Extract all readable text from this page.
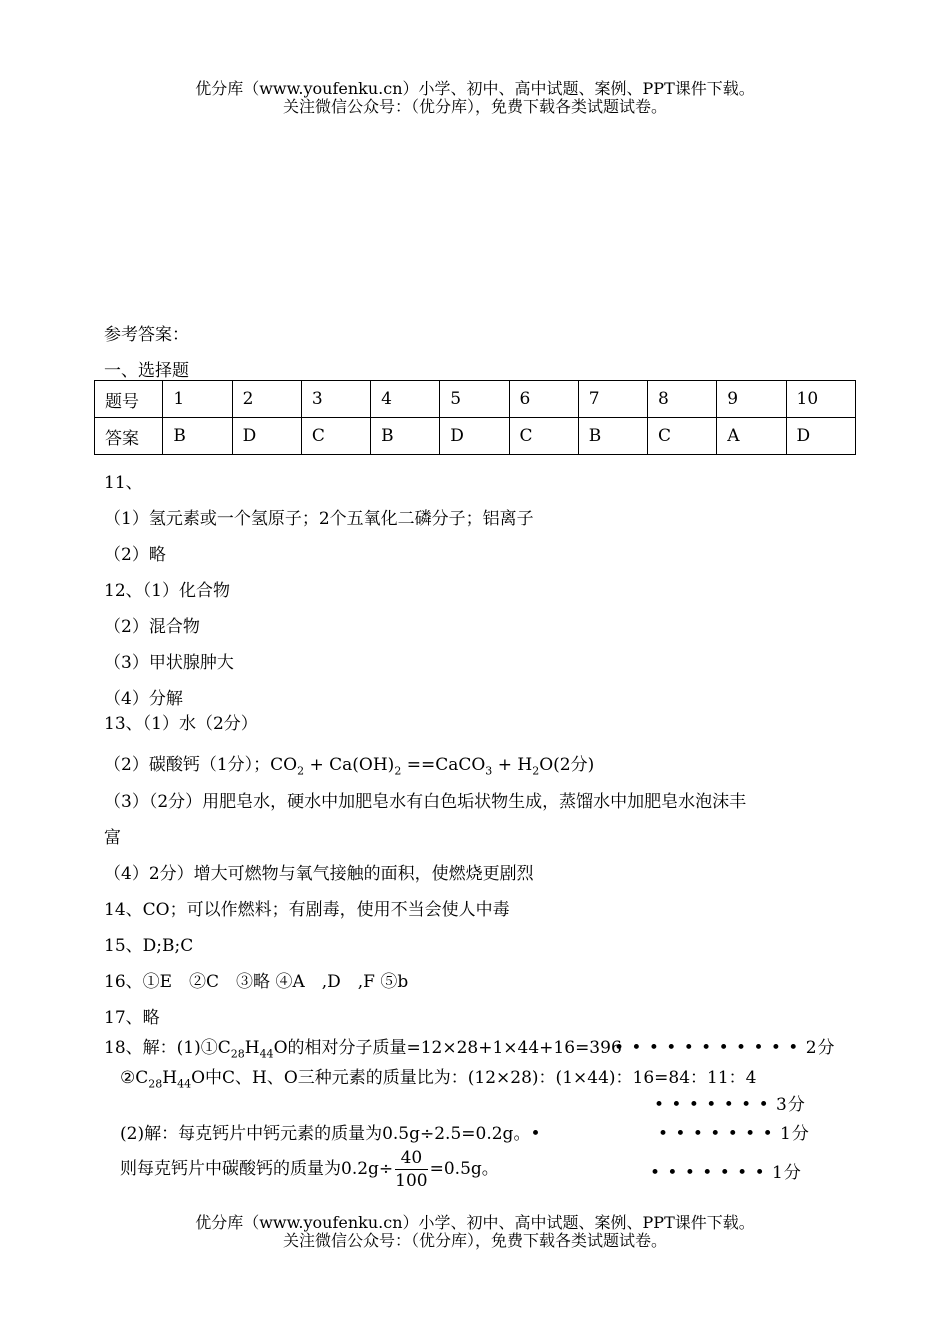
优分库（www.youfenku.cn）小学、初中、高中试题、案例、PPT课件下载。
关注微信公众号：（优分库），免费下载各类试题试卷。
参考答案：
一、选择题
题号	1	2	3	4	5	6	7	8	9	10
答案	B	D	C	B	D	C	B	C	A	D
11、
（1）氢元素或一个氢原子；2个五氧化二磷分子；铝离子
（2）略
12、（1）化合物
（2）混合物
（3）甲状腺肿大
（4）分解
13、（1）水（2分）
（2）碳酸钙（1分）；$CO_2 + Ca(OH)_2$ ==CaCO$_3$ + $H_2O(2$分)
（3）（2分）用肥皂水，硬水中加肥皂水有白色垢状物生成，蒸馏水中加肥皂水泡沫丰
富
（4）2分）增大可燃物与氧气接触的面积，使燃烧更剧烈
14、CO；可以作燃料；有剧毒，使用不当会使人中毒
15、D;B;C
16、①E　②C　③略 ④A　,D　,F ⑤b
17、略
18、解：$(1)①C_{28}H_{44}O$的相对分子质量=12×28+1×44+16=396
• • • • • • • • • • • 2分
$②C_{28}H_{44}O$中C、H、O三种元素的质量比为：(12×28)：(1×44)：16=84：11：4
• • • • • • • 3分
(2)解：每克钙片中钙元素的质量为0.5g÷2.5=0.2g。•	• • • • • • • 1分
则每克钙片中碳酸钙的质量为$0.2g\div \frac{40}{100} =0.5g$。	• • • • • • • 1分
优分库（www.youfenku.cn）小学、初中、高中试题、案例、PPT课件下载。
关注微信公众号：（优分库），免费下载各类试题试卷。
